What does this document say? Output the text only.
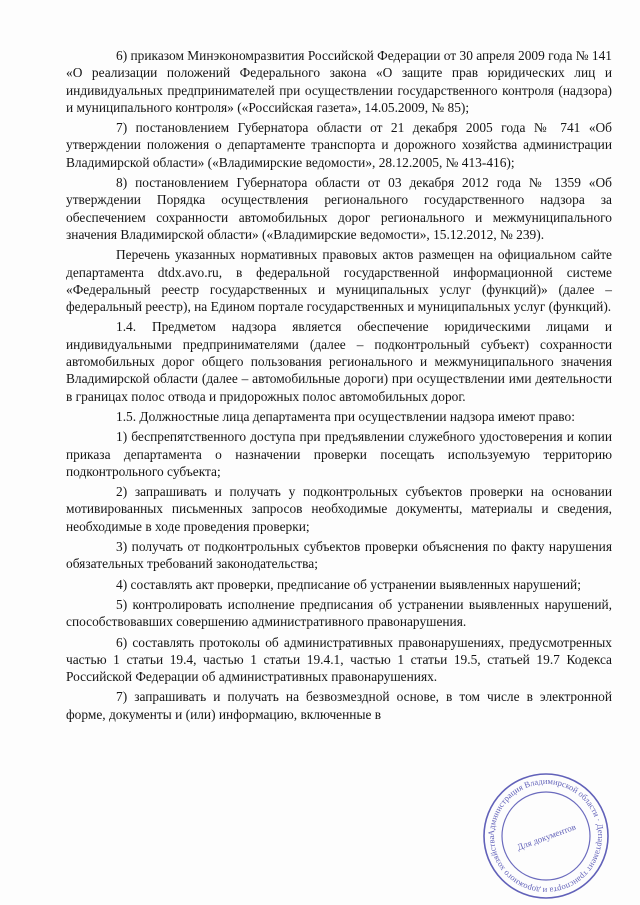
6) приказом Минэкономразвития Российской Федерации от 30 апреля 2009 года № 141 «О реализации положений Федерального закона «О защите прав юридических лиц и индивидуальных предпринимателей при осуществлении государственного контроля (надзора) и муниципального контроля» («Российская газета», 14.05.2009, № 85);

7) постановлением Губернатора области от 21 декабря 2005 года № 741 «Об утверждении положения о департаменте транспорта и дорожного хозяйства администрации Владимирской области» («Владимирские ведомости», 28.12.2005, № 413-416);

8) постановлением Губернатора области от 03 декабря 2012 года № 1359 «Об утверждении Порядка осуществления регионального государственного надзора за обеспечением сохранности автомобильных дорог регионального и межмуниципального значения Владимирской области» («Владимирские ведомости», 15.12.2012, № 239).

Перечень указанных нормативных правовых актов размещен на официальном сайте департамента dtdx.avo.ru, в федеральной государственной информационной системе «Федеральный реестр государственных и муниципальных услуг (функций)» (далее – федеральный реестр), на Едином портале государственных и муниципальных услуг (функций).

1.4. Предметом надзора является обеспечение юридическими лицами и индивидуальными предпринимателями (далее – подконтрольный субъект) сохранности автомобильных дорог общего пользования регионального и межмуниципального значения Владимирской области (далее – автомобильные дороги) при осуществлении ими деятельности в границах полос отвода и придорожных полос автомобильных дорог.

1.5. Должностные лица департамента при осуществлении надзора имеют право:

1) беспрепятственного доступа при предъявлении служебного удостоверения и копии приказа департамента о назначении проверки посещать используемую территорию подконтрольного субъекта;

2) запрашивать и получать у подконтрольных субъектов проверки на основании мотивированных письменных запросов необходимые документы, материалы и сведения, необходимые в ходе проведения проверки;

3) получать от подконтрольных субъектов проверки объяснения по факту нарушения обязательных требований законодательства;

4) составлять акт проверки, предписание об устранении выявленных нарушений;

5) контролировать исполнение предписания об устранении выявленных нарушений, способствовавших совершению административного правонарушения.

6) составлять протоколы об административных правонарушениях, предусмотренных частью 1 статьи 19.4, частью 1 статьи 19.4.1, частью 1 статьи 19.5, статьей 19.7 Кодекса Российской Федерации об административных правонарушениях.

7) запрашивать и получать на безвозмездной основе, в том числе в электронной форме, документы и (или) информацию, включенные в

Администрация Владимирской области · Департамент транспорта и дорожного хозяйства	Для документов
